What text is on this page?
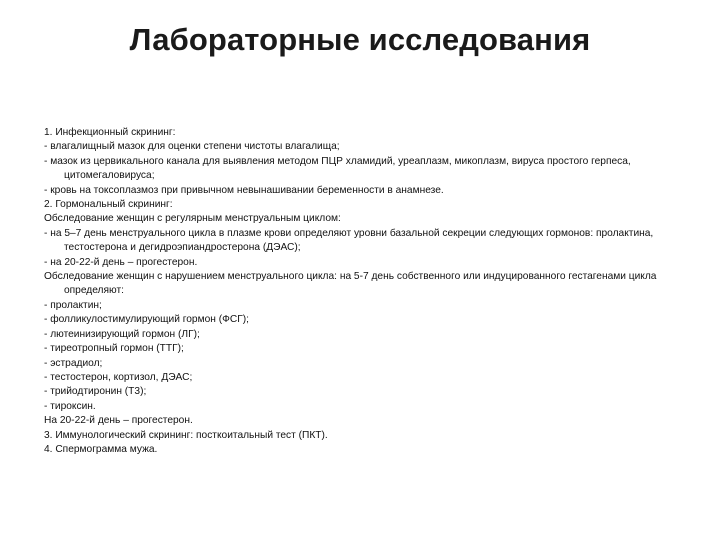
Лабораторные исследования
1. Инфекционный скрининг:
- влагалищный мазок для оценки степени чистоты влагалища;
- мазок из цервикального канала для выявления методом ПЦР хламидий, уреаплазм, микоплазм, вируса простого герпеса, цитомегаловируса;
- кровь на токсоплазмоз при привычном невынашивании беременности в анамнезе.
2. Гормональный скрининг:
Обследование женщин с регулярным менструальным циклом:
- на 5–7 день менструального цикла в плазме крови определяют уровни базальной секреции следующих гормонов: пролактина, тестостерона и дегидроэпиандростерона (ДЭАС);
- на 20-22-й день – прогестерон.
Обследование женщин с нарушением менструального цикла: на 5-7 день собственного или индуцированного гестагенами цикла определяют:
- пролактин;
- фолликулостимулирующий гормон (ФСГ);
- лютеинизирующий гормон (ЛГ);
- тиреотропный гормон (ТТГ);
- эстрадиол;
- тестостерон, кортизол, ДЭАС;
- трийодтиронин (Т3);
- тироксин.
На 20-22-й день – прогестерон.
3. Иммунологический скрининг: посткоитальный тест (ПКТ).
4. Спермограмма мужа.
